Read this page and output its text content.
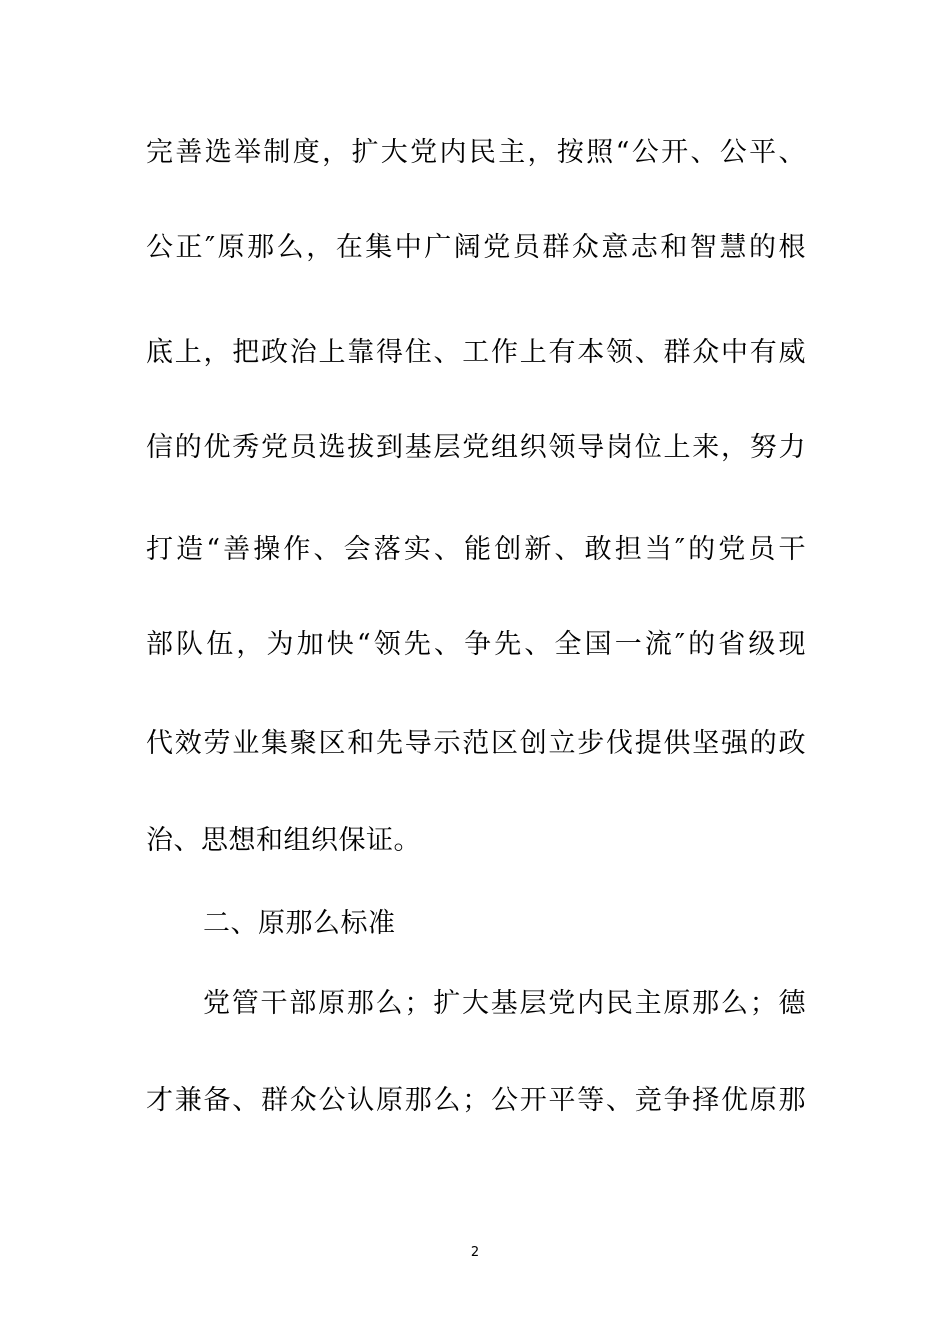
完善选举制度，扩大党内民主，按照“公开、公平、
公正″原那么，在集中广阔党员群众意志和智慧的根
底上，把政治上靠得住、工作上有本领、群众中有威
信的优秀党员选拔到基层党组织领导岗位上来，努力
打造“善操作、会落实、能创新、敢担当″的党员干
部队伍，为加快“领先、争先、全国一流″的省级现
代效劳业集聚区和先导示范区创立步伐提供坚强的政
治、思想和组织保证。
二、原那么标准
党管干部原那么；扩大基层党内民主原那么；德
才兼备、群众公认原那么；公开平等、竞争择优原那
2
